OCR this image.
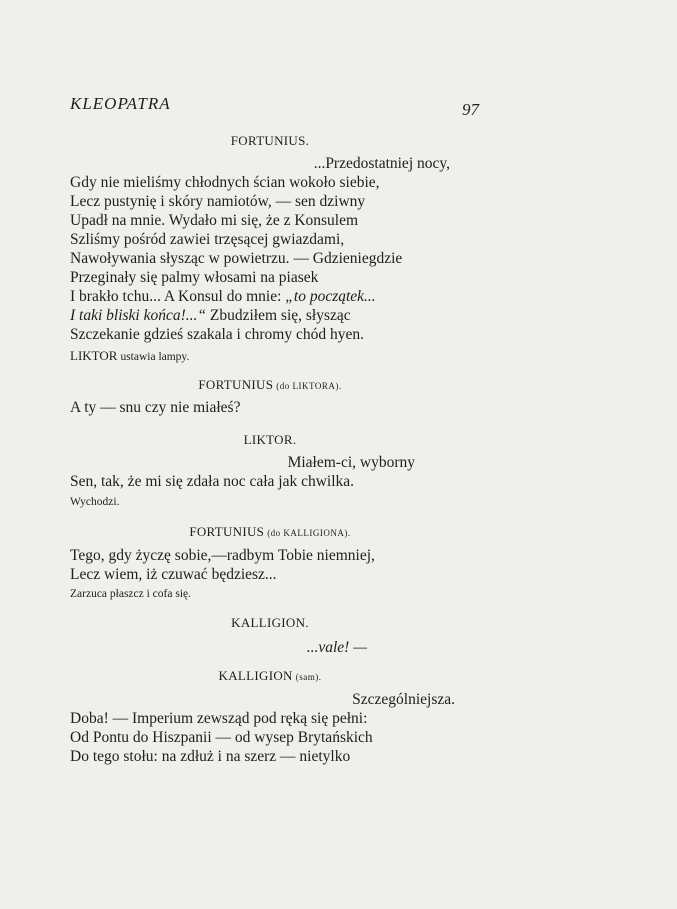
KLEOPATRA	97
FORTUNIUS.
...Przedostatniej nocy,
Gdy nie mieliśmy chłodnych ścian wokoło siebie,
Lecz pustynię i skóry namiotów, — sen dziwny
Upadł na mnie. Wydało mi się, że z Konsulem
Szliśmy pośród zawiei trzęsącej gwiazdami,
Nawoływania słysząc w powietrzu. — Gdzieniegdzie
Przeginały się palmy włosami na piasek
I brakło tchu... A Konsul do mnie: „to początek...
I taki bliski końca!...“ Zbudziłem się, słysząc
Szczekanie gdzieś szakala i chromy chód hyen.
LIKTOR ustawia lampy.
FORTUNIUS (do LIKTORA).
A ty — snu czy nie miałeś?
LIKTOR.
Miałem-ci, wyborny
Sen, tak, że mi się zdała noc cała jak chwilka.
Wychodzi.
FORTUNIUS (do KALLIGIONA).
Tego, gdy życzę sobie,—radbym Tobie niemniej,
Lecz wiem, iż czuwać będziesz...
Zarzuca płaszcz i cofa się.
KALLIGION.
...vale! —
KALLIGION (sam).
Szczególniejsza.
Doba! — Imperium zewsząd pod ręką się pełni:
Od Pontu do Hiszpanii — od wysep Brytańskich
Do tego stołu: na zdłuż i na szerz — nietylko
